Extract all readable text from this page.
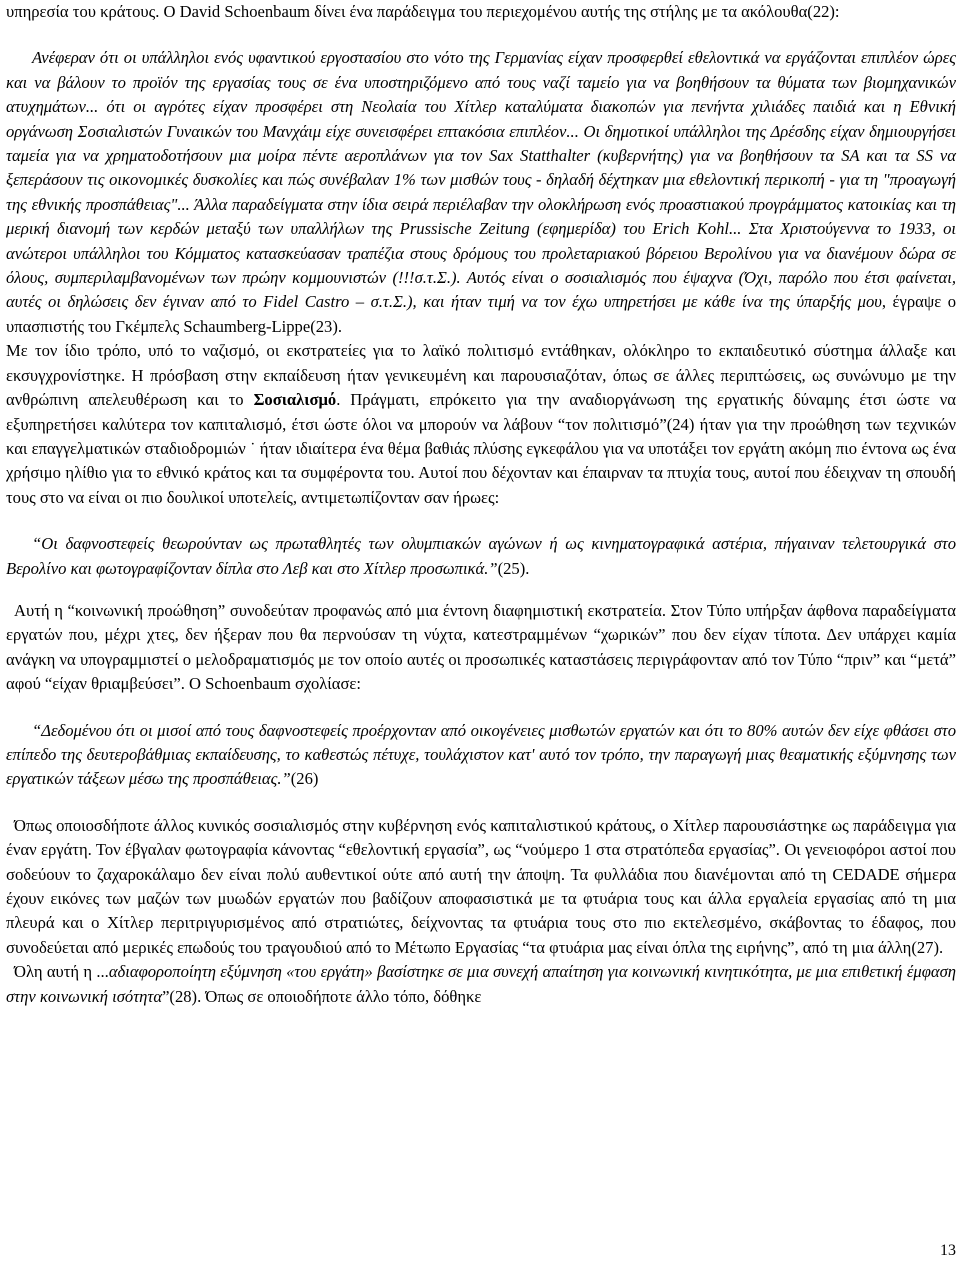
υπηρεσία του κράτους. Ο David Schoenbaum δίνει ένα παράδειγμα του περιεχομένου αυτής της στήλης με τα ακόλουθα(22):

Ανέφεραν ότι οι υπάλληλοι ενός υφαντικού εργοστασίου στο νότο της Γερμανίας είχαν προσφερθεί εθελοντικά να εργάζονται επιπλέον ώρες και να βάλουν το προϊόν της εργασίας τους σε ένα υποστηριζόμενο από τους ναζί ταμείο για να βοηθήσουν τα θύματα των βιομηχανικών ατυχημάτων... ότι οι αγρότες είχαν προσφέρει στη Νεολαία του Χίτλερ καταλύματα διακοπών για πενήντα χιλιάδες παιδιά και η Εθνική οργάνωση Σοσιαλιστών Γυναικών του Μανχάιμ είχε συνεισφέρει επτακόσια επιπλέον... Οι δημοτικοί υπάλληλοι της Δρέσδης είχαν δημιουργήσει ταμεία για να χρηματοδοτήσουν μια μοίρα πέντε αεροπλάνων για τον Sax Statthalter (κυβερνήτης) για να βοηθήσουν τα SA και τα SS να ξεπεράσουν τις οικονομικές δυσκολίες και πώς συνέβαλαν 1% των μισθών τους - δηλαδή δέχτηκαν μια εθελοντική περικοπή - για τη "προαγωγή της εθνικής προσπάθειας"... Άλλα παραδείγματα στην ίδια σειρά περιέλαβαν την ολοκλήρωση ενός προαστιακού προγράμματος κατοικίας και τη μερική διανομή των κερδών μεταξύ των υπαλλήλων της Prussische Zeitung (εφημερίδα) του Erich Kohl... Στα Χριστούγεννα το 1933, οι ανώτεροι υπάλληλοι του Κόμματος κατασκεύασαν τραπέζια στους δρόμους του προλεταριακού βόρειου Βερολίνου για να διανέμουν δώρα σε όλους, συμπεριλαμβανομένων των πρώην κομμουνιστών (!!!σ.τ.Σ.). Αυτός είναι ο σοσιαλισμός που έψαχνα (Όχι, παρόλο που έτσι φαίνεται, αυτές οι δηλώσεις δεν έγιναν από το Fidel Castro – σ.τ.Σ.), και ήταν τιμή να τον έχω υπηρετήσει με κάθε ίνα της ύπαρξής μου, έγραψε ο υπασπιστής του Γκέμπελς Schaumberg-Lippe(23).

Με τον ίδιο τρόπο, υπό το ναζισμό, οι εκστρατείες για το λαϊκό πολιτισμό εντάθηκαν, ολόκληρο το εκπαιδευτικό σύστημα άλλαξε και εκσυγχρονίστηκε. Η πρόσβαση στην εκπαίδευση ήταν γενικευμένη και παρουσιαζόταν, όπως σε άλλες περιπτώσεις, ως συνώνυμο με την ανθρώπινη απελευθέρωση και το Σοσιαλισμό. Πράγματι, επρόκειτο για την αναδιοργάνωση της εργατικής δύναμης έτσι ώστε να εξυπηρετήσει καλύτερα τον καπιταλισμό, έτσι ώστε όλοι να μπορούν να λάβουν “τον πολιτισμό”(24) ήταν για την προώθηση των τεχνικών και επαγγελματικών σταδιοδρομιών ˙ ήταν ιδιαίτερα ένα θέμα βαθιάς πλύσης εγκεφάλου για να υποτάξει τον εργάτη ακόμη πιο έντονα ως ένα χρήσιμο ηλίθιο για το εθνικό κράτος και τα συμφέροντα του. Αυτοί που δέχονταν και έπαιρναν τα πτυχία τους, αυτοί που έδειχναν τη σπουδή τους στο να είναι οι πιο δουλικοί υποτελείς, αντιμετωπίζονταν σαν ήρωες:

“Οι δαφνοστεφείς θεωρούνταν ως πρωταθλητές των ολυμπιακών αγώνων ή ως κινηματογραφικά αστέρια, πήγαιναν τελετουργικά στο Βερολίνο και φωτογραφίζονταν δίπλα στο Λεβ και στο Χίτλερ προσωπικά.”(25).

Αυτή η “κοινωνική προώθηση” συνοδεύταν προφανώς από μια έντονη διαφημιστική εκστρατεία. Στον Τύπο υπήρξαν άφθονα παραδείγματα εργατών που, μέχρι χτες, δεν ήξεραν που θα περνούσαν τη νύχτα, κατεστραμμένων “χωρικών” που δεν είχαν τίποτα. Δεν υπάρχει καμία ανάγκη να υπογραμμιστεί ο μελοδραματισμός με τον οποίο αυτές οι προσωπικές καταστάσεις περιγράφονταν από τον Τύπο “πριν” και “μετά” αφού “είχαν θριαμβεύσει”. Ο Schoenbaum σχολίασε:

“Δεδομένου ότι οι μισοί από τους δαφνοστεφείς προέρχονταν από οικογένειες μισθωτών εργατών και ότι το 80% αυτών δεν είχε φθάσει στο επίπεδο της δευτεροβάθμιας εκπαίδευσης, το καθεστώς πέτυχε, τουλάχιστον κατ' αυτό τον τρόπο, την παραγωγή μιας θεαματικής εξύμνησης των εργατικών τάξεων μέσω της προσπάθειας.”(26)

Όπως οποιοσδήποτε άλλος κυνικός σοσιαλισμός στην κυβέρνηση ενός καπιταλιστικού κράτους, ο Χίτλερ παρουσιάστηκε ως παράδειγμα για έναν εργάτη. Τον έβγαλαν φωτογραφία κάνοντας “εθελοντική εργασία”, ως “νούμερο 1 στα στρατόπεδα εργασίας”. Οι γενειοφόροι αστοί που σοδεύουν το ζαχαροκάλαμο δεν είναι πολύ αυθεντικοί ούτε από αυτή την άποψη. Τα φυλλάδια που διανέμονται από τη CEDADE σήμερα έχουν εικόνες των μαζών των μυωδών εργατών που βαδίζουν αποφασιστικά με τα φτυάρια τους και άλλα εργαλεία εργασίας από τη μια πλευρά και ο Χίτλερ περιτριγυρισμένος από στρατιώτες, δείχνοντας τα φτυάρια τους στο πιο εκτελεσμένο, σκάβοντας το έδαφος, που συνοδεύεται από μερικές επωδούς του τραγουδιού από το Μέτωπο Εργασίας “τα φτυάρια μας είναι όπλα της ειρήνης”, από τη μια άλλη(27).

Όλη αυτή η ...αδιαφοροποίητη εξύμνηση «του εργάτη» βασίστηκε σε μια συνεχή απαίτηση για κοινωνική κινητικότητα, με μια επιθετική έμφαση στην κοινωνική ισότητα”(28). Όπως σε οποιοδήποτε άλλο τόπο, δόθηκε

13
